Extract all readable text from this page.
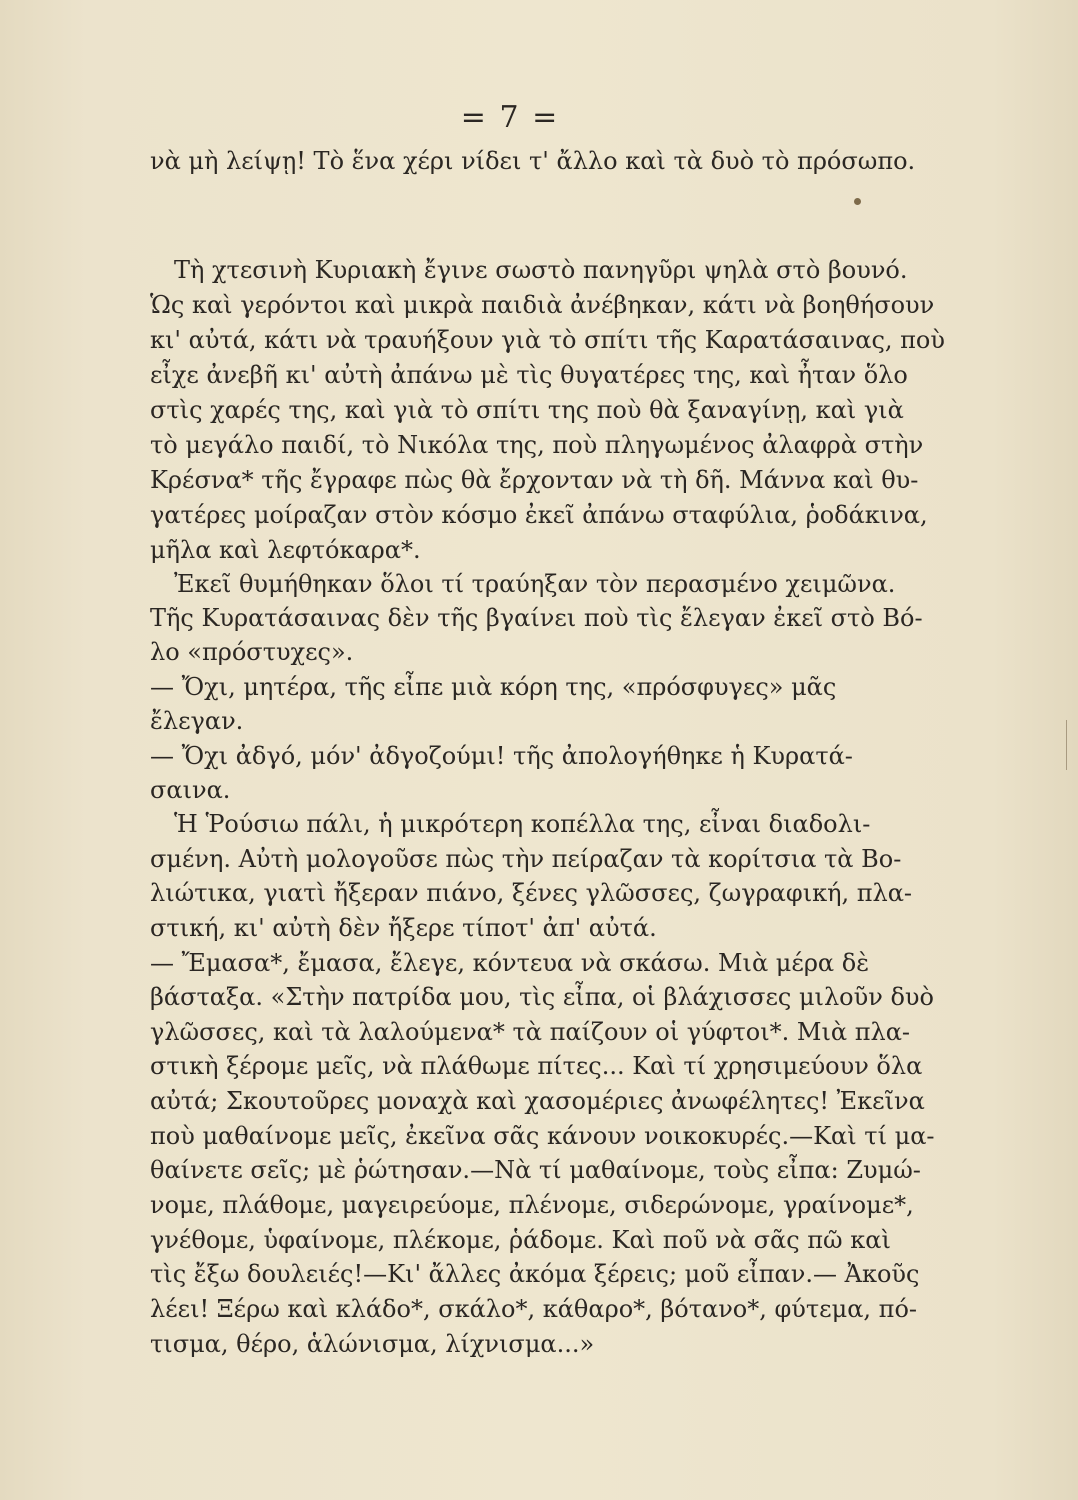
= 7 =
νὰ μὴ λείψῃ! Τὸ ἕνα χέρι νίδει τ' ἄλλο καὶ τὰ δυὸ τὸ πρόσωπο.
Τὴ χτεσινὴ Κυριακὴ ἔγινε σωστὸ πανηγῦρι ψηλὰ στὸ βουνό.
Ὡς καὶ γερόντοι καὶ μικρὰ παιδιὰ ἀνέβηκαν, κάτι νὰ βοηθήσουν
κι' αὐτά, κάτι νὰ τραυήξουν γιὰ τὸ σπίτι τῆς Καρατάσαινας, ποὺ
εἶχε ἀνεβῆ κι' αὐτὴ ἀπάνω μὲ τὶς θυγατέρες της, καὶ ἦταν ὅλο
στὶς χαρές της, καὶ γιὰ τὸ σπίτι της ποὺ θὰ ξαναγίνῃ, καὶ γιὰ
τὸ μεγάλο παιδί, τὸ Νικόλα της, ποὺ πληγωμένος ἀλαφρὰ στὴν
Κρέσνα* τῆς ἔγραφε πὼς θὰ ἔρχονταν νὰ τὴ δῆ. Μάννα καὶ θυ-
γατέρες μοίραζαν στὸν κόσμο ἐκεῖ ἀπάνω σταφύλια, ῥοδάκινα,
μῆλα καὶ λεφτόκαρα*.
Ἐκεῖ θυμήθηκαν ὅλοι τί τραύηξαν τὸν περασμένο χειμῶνα.
Τῆς Κυρατάσαινας δὲν τῆς βγαίνει ποὺ τὶς ἔλεγαν ἐκεῖ στὸ Βό-
λο «πρόστυχες».
— Ὄχι, μητέρα, τῆς εἶπε μιὰ κόρη της, «πρόσφυγες» μᾶς
ἔλεγαν.
— Ὄχι ἀδγό, μόν' ἀδγοζούμι! τῆς ἀπολογήθηκε ἡ Κυρατά-
σαινα.
Ἡ Ῥούσιω πάλι, ἡ μικρότερη κοπέλλα της, εἶναι διαδολι-
σμένη. Αὐτὴ μολογοῦσε πὼς τὴν πείραζαν τὰ κορίτσια τὰ Βο-
λιώτικα, γιατὶ ἤξεραν πιάνο, ξένες γλῶσσες, ζωγραφική, πλα-
στική, κι' αὐτὴ δὲν ἤξερε τίποτ' ἀπ' αὐτά.
— Ἔμασα*, ἔμασα, ἔλεγε, κόντευα νὰ σκάσω. Μιὰ μέρα δὲ
βάσταξα. «Στὴν πατρίδα μου, τὶς εἶπα, οἱ βλάχισσες μιλοῦν δυὸ
γλῶσσες, καὶ τὰ λαλούμενα* τὰ παίζουν οἱ γύφτοι*. Μιὰ πλα-
στικὴ ξέρομε μεῖς, νὰ πλάθωμε πίτες... Καὶ τί χρησιμεύουν ὅλα
αὐτά; Σκουτοῦρες μοναχὰ καὶ χασομέριες ἀνωφέλητες! Ἐκεῖνα
ποὺ μαθαίνομε μεῖς, ἐκεῖνα σᾶς κάνουν νοικοκυρές.—Καὶ τί μα-
θαίνετε σεῖς; μὲ ῥώτησαν.—Νὰ τί μαθαίνομε, τοὺς εἶπα: Ζυμώ-
νομε, πλάθομε, μαγειρεύομε, πλένομε, σιδερώνομε, γραίνομε*,
γνέθομε, ὑφαίνομε, πλέκομε, ῥάδομε. Καὶ ποῦ νὰ σᾶς πῶ καὶ
τὶς ἔξω δουλειές!—Κι' ἄλλες ἀκόμα ξέρεις; μοῦ εἶπαν.— Ἀκοῦς
λέει! Ξέρω καὶ κλάδο*, σκάλο*, κάθαρο*, βότανο*, φύτεμα, πό-
τισμα, θέρο, ἁλώνισμα, λίχνισμα...»
